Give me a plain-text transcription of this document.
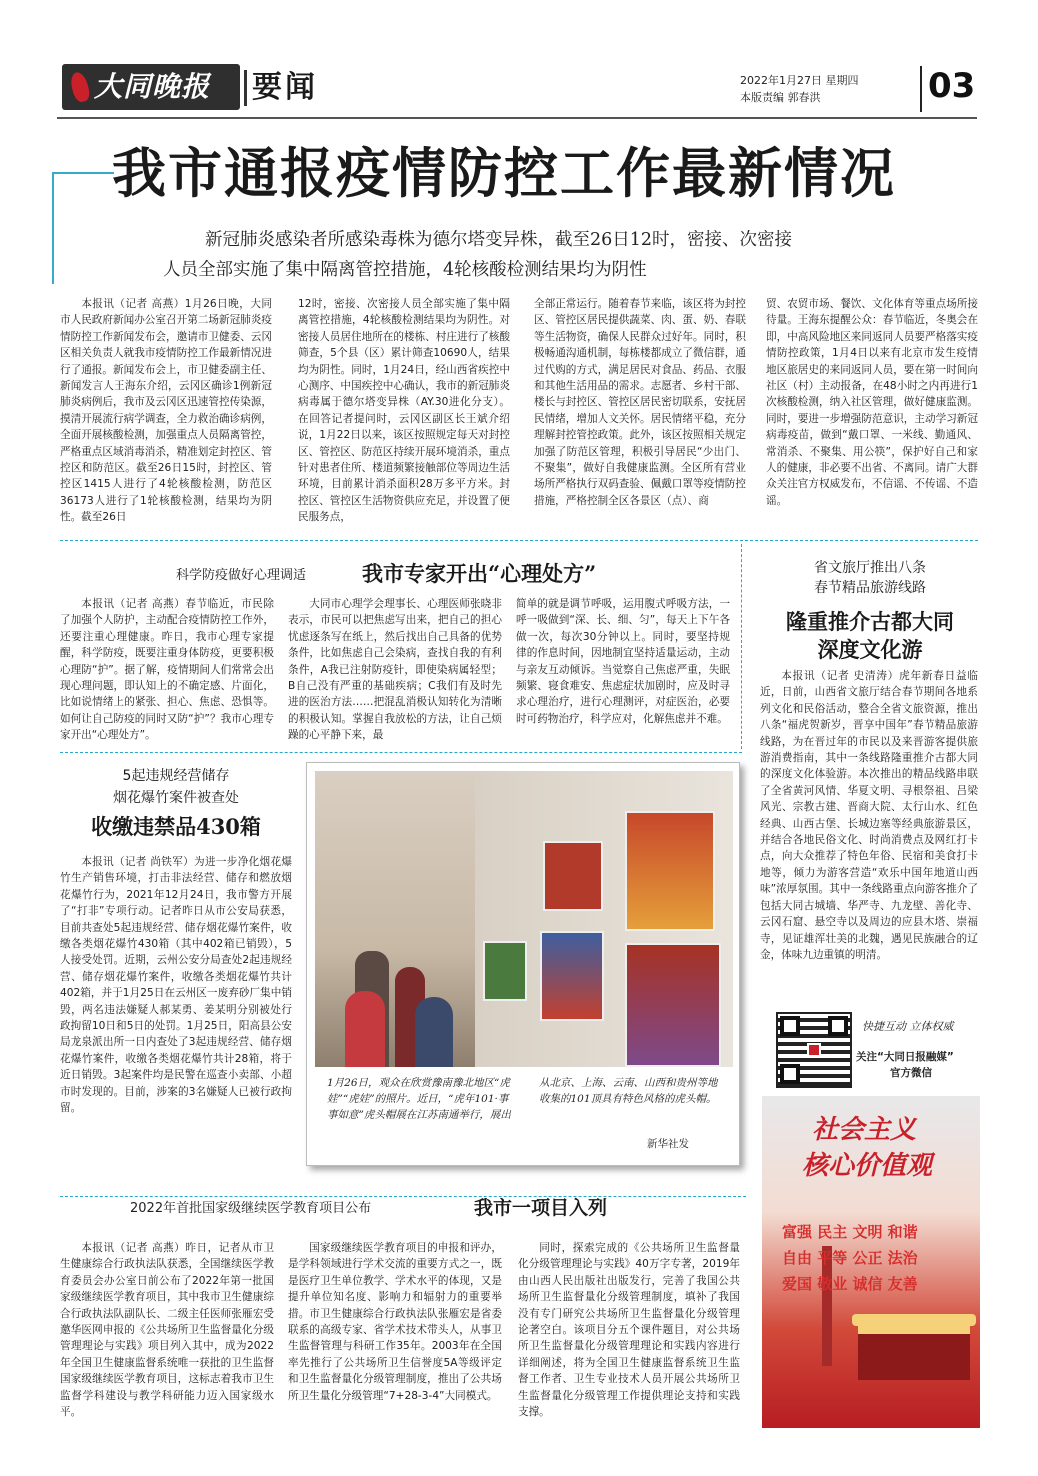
大同晚报 要闻	2022年1月27日 星期四
本版责编 郭春洪	03
我市通报疫情防控工作最新情况
新冠肺炎感染者所感染毒株为德尔塔变异株，截至26日12时，密接、次密接
人员全部实施了集中隔离管控措施，4轮核酸检测结果均为阴性

本报讯（记者 高燕）1月26日晚，大同市人民政府新闻办公室召开第二场新冠肺炎疫情防控工作新闻发布会，邀请市卫健委、云冈区相关负责人就我市疫情防控工作最新情况进行了通报。新闻发布会上，市卫健委副主任、新闻发言人王海东介绍，云冈区确诊1例新冠肺炎病例后，我市及云冈区迅速管控传染源，摸清开展流行病学调查，全力救治确诊病例，全面开展核酸检测，加强重点人员隔离管控，严格重点区域消毒消杀，精准划定封控区、管控区和防范区。截至26日15时，封控区、管控区1415人进行了4轮核酸检测，防范区36173人进行了1轮核酸检测，结果均为阴性。截至26日

12时，密接、次密接人员全部实施了集中隔离管控措施，4轮核酸检测结果均为阴性。对密接人员居住地所在的楼栋、村庄进行了核酸筛查，5个县（区）累计筛查10690人，结果均为阴性。同时，1月24日，经山西省疾控中心测序、中国疾控中心确认，我市的新冠肺炎病毒属于德尔塔变异株（AY.30进化分支）。在回答记者提问时，云冈区副区长王斌介绍说，1月22日以来，该区按照规定每天对封控区、管控区、防范区持续开展环境消杀，重点针对患者住所、楼道频繁接触部位等周边生活环境，目前累计消杀面积28万多平方米。封控区、管控区生活物资供应充足，并设置了便民服务点，

全部正常运行。随着春节来临，该区将为封控区、管控区居民提供蔬菜、肉、蛋、奶、春联等生活物资，确保人民群众过好年。同时，积极畅通沟通机制，每栋楼都成立了微信群，通过代购的方式，满足居民对食品、药品、衣服和其他生活用品的需求。志愿者、乡村干部、楼长与封控区、管控区居民密切联系，安抚居民情绪，增加人文关怀。居民情绪平稳，充分理解封控管控政策。此外，该区按照相关规定加强了防范区管理，积极引导居民“少出门、不聚集”，做好自我健康监测。全区所有营业场所严格执行双码查验、佩戴口罩等疫情防控措施，严格控制全区各景区（点）、商

贸、农贸市场、餐饮、文化体育等重点场所接待量。王海东提醒公众：春节临近，冬奥会在即，中高风险地区来同返同人员要严格落实疫情防控政策，1月4日以来有北京市发生疫情地区旅居史的来同返同人员，要在第一时间向社区（村）主动报备，在48小时之内再进行1次核酸检测，纳入社区管理，做好健康监测。同时，要进一步增强防范意识，主动学习新冠病毒疫苗，做到“戴口罩、一米线、勤通风、常消杀、不聚集、用公筷”，保护好自己和家人的健康，非必要不出省、不离同。请广大群众关注官方权威发布，不信谣、不传谣、不造谣。

科学防疫做好心理调适	我市专家开出“心理处方”

本报讯（记者 高燕）春节临近，市民除了加强个人防护，主动配合疫情防控工作外，还要注重心理健康。昨日，我市心理专家提醒，科学防疫，既要注重身体防疫，更要积极心理防“护”。据了解，疫情期间人们常常会出现心理问题，即认知上的不确定感、片面化，比如说情绪上的紧张、担心、焦虑、恐惧等。如何让自己防疫的同时又防“护”？我市心理专家开出“心理处方”。

大同市心理学会理事长、心理医师张晓非表示，市民可以把焦虑写出来，把自己的担心忧虑逐条写在纸上，然后找出自己具备的优势条件，比如焦虑自己会染病，查找自我的有利条件，A我已注射防疫针，即使染病属轻型；B自己没有严重的基础疾病；C我们有及时先进的医治方法……把混乱消极认知转化为清晰的积极认知。掌握自我放松的方法，让自己烦躁的心平静下来，最

简单的就是调节呼吸，运用腹式呼吸方法，一呼一吸做到“深、长、细、匀”，每天上下午各做一次，每次30分钟以上。同时，要坚持规律的作息时间，因地制宜坚持适量运动，主动与亲友互动倾诉。当觉察自己焦虑严重，失眠频繁、寝食难安、焦虑症状加剧时，应及时寻求心理治疗，进行心理测评，对症医治，必要时可药物治疗，科学应对，化解焦虑并不难。

5起违规经营储存
烟花爆竹案件被查处
收缴违禁品430箱

本报讯（记者 尚铁军）为进一步净化烟花爆竹生产销售环境，打击非法经营、储存和燃放烟花爆竹行为，2021年12月24日，我市警方开展了“打非”专项行动。记者昨日从市公安局获悉，目前共查处5起违规经营、储存烟花爆竹案件，收缴各类烟花爆竹430箱（其中402箱已销毁），5人接受处罚。近期，云州公安分局查处2起违规经营、储存烟花爆竹案件，收缴各类烟花爆竹共计402箱，并于1月25日在云州区一废弃砂厂集中销毁，两名违法嫌疑人郝某勇、姜某明分别被处行政拘留10日和5日的处罚。1月25日，阳高县公安局龙泉派出所一日内查处了3起违规经营、储存烟花爆竹案件，收缴各类烟花爆竹共计28箱，将于近日销毁。3起案件均是民警在巡查小卖部、小超市时发现的。目前，涉案的3名嫌疑人已被行政拘留。

1月26日，观众在欣赏豫南豫北地区“虎娃”“虎娃”的照片。近日，“虎年101·事事如意”虎头帽展在江苏南通举行，展出从北京、上海、云南、山西和贵州等地收集的101顶具有特色风格的虎头帽。
新华社发
省文旅厅推出八条
春节精品旅游线路
隆重推介古都大同
深度文化游

本报讯（记者 史清涛）虎年新春日益临近，日前，山西省文旅厅结合春节期间各地系列文化和民俗活动，整合全省文旅资源，推出八条“福虎贺新岁，晋享中国年”春节精品旅游线路，为在晋过年的市民以及来晋游客提供旅游消费指南，其中一条线路隆重推介古都大同的深度文化体验游。本次推出的精品线路串联了全省黄河风情、华夏文明、寻根祭祖、吕梁风光、宗教古建、晋商大院、太行山水、红色经典、山西古堡、长城边塞等经典旅游景区，并结合各地民俗文化、时尚消费点及网红打卡点，向大众推荐了特色年俗、民宿和美食打卡地等，倾力为游客营造“欢乐中国年地道山西味”浓厚氛围。其中一条线路重点向游客推介了包括大同古城墙、华严寺、九龙壁、善化寺、云冈石窟、悬空寺以及周边的应县木塔、崇福寺，见证雄浑壮美的北魏，遇见民族融合的辽金，体味九边重镇的明清。

快捷互动 立体权威
关注“大同日报融媒”
官方微信
社会主义
核心价值观
富强 民主 文明 和谐
自由 平等 公正 法治
爱国 敬业 诚信 友善
2022年首批国家级继续医学教育项目公布	我市一项目入列

本报讯（记者 高燕）昨日，记者从市卫生健康综合行政执法队获悉，全国继续医学教育委员会办公室日前公布了2022年第一批国家级继续医学教育项目，其中我市卫生健康综合行政执法队副队长、二级主任医师张雁宏受邀华医网申报的《公共场所卫生监督量化分级管理理论与实践》项目列入其中，成为2022年全国卫生健康监督系统唯一获批的卫生监督国家级继续医学教育项目，这标志着我市卫生监督学科建设与教学科研能力迈入国家级水平。

国家级继续医学教育项目的申报和评办，是学科领域进行学术交流的重要方式之一，既是医疗卫生单位教学、学术水平的体现，又是提升单位知名度、影响力和辐射力的重要举措。市卫生健康综合行政执法队张雁宏是省委联系的高级专家、省学术技术带头人，从事卫生监督管理与科研工作35年。2003年在全国率先推行了公共场所卫生信誉度5A等级评定和卫生监督量化分级管理制度，推出了公共场所卫生量化分级管理“7+28-3-4”大同模式。

同时，探索完成的《公共场所卫生监督量化分级管理理论与实践》40万字专著，2019年由山西人民出版社出版发行，完善了我国公共场所卫生监督量化分级管理制度，填补了我国没有专门研究公共场所卫生监督量化分级管理论著空白。该项目分五个课件题目，对公共场所卫生监督量化分级管理理论和实践内容进行详细阐述，将为全国卫生健康监督系统卫生监督工作者、卫生专业技术人员开展公共场所卫生监督量化分级管理工作提供理论支持和实践支撑。
